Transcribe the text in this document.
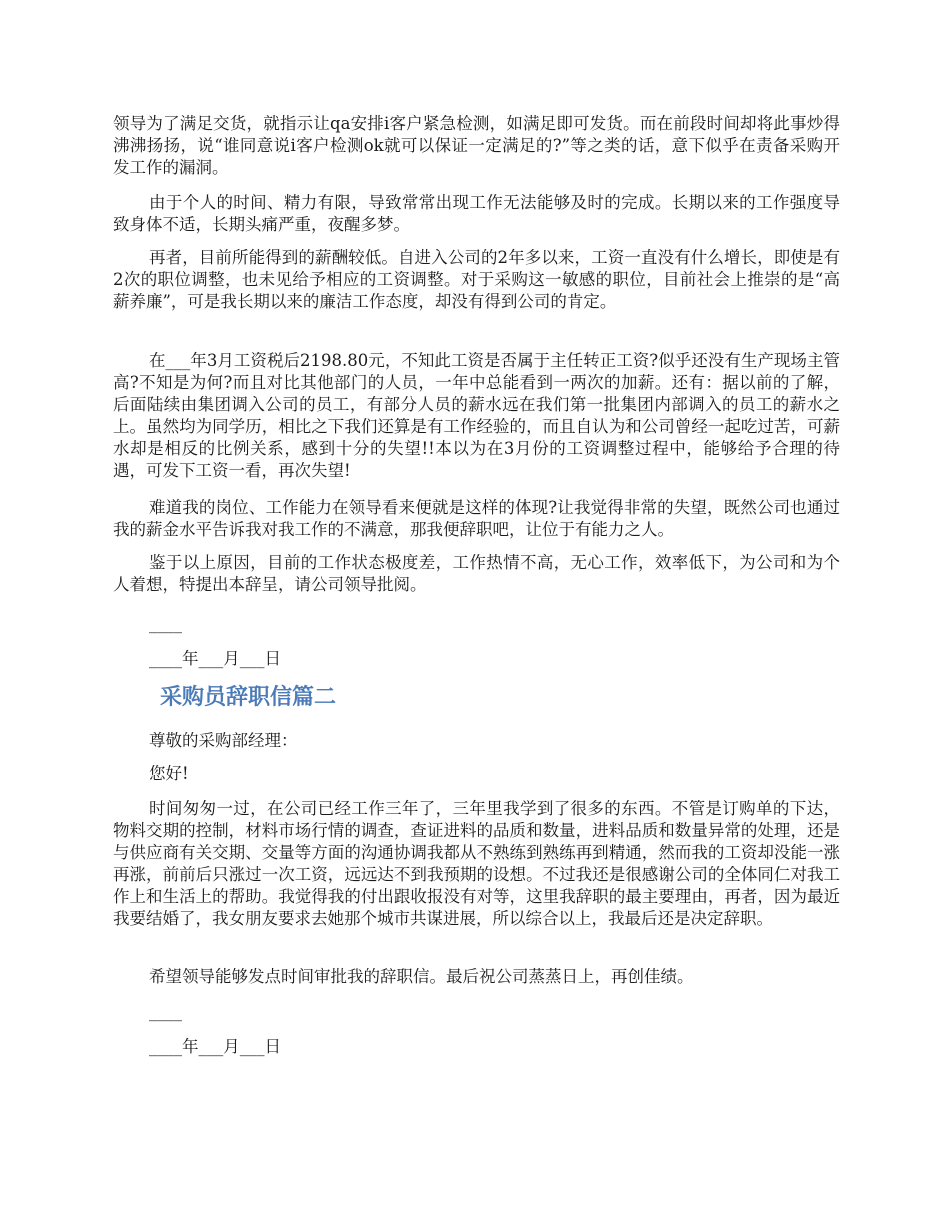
领导为了满足交货，就指示让qa安排i客户紧急检测，如满足即可发货。而在前段时间却将此事炒得沸沸扬扬，说“谁同意说i客户检测ok就可以保证一定满足的?”等之类的话，意下似乎在责备采购开发工作的漏洞。

由于个人的时间、精力有限，导致常常出现工作无法能够及时的完成。长期以来的工作强度导致身体不适，长期头痛严重，夜醒多梦。

再者，目前所能得到的薪酬较低。自进入公司的2年多以来，工资一直没有什么增长，即使是有2次的职位调整，也未见给予相应的工资调整。对于采购这一敏感的职位，目前社会上推崇的是“高薪养廉”，可是我长期以来的廉洁工作态度，却没有得到公司的肯定。

在___年3月工资税后2198.80元，不知此工资是否属于主任转正工资?似乎还没有生产现场主管高?不知是为何?而且对比其他部门的人员，一年中总能看到一两次的加薪。还有：据以前的了解，后面陆续由集团调入公司的员工，有部分人员的薪水远在我们第一批集团内部调入的员工的薪水之上。虽然均为同学历，相比之下我们还算是有工作经验的，而且自认为和公司曾经一起吃过苦，可薪水却是相反的比例关系，感到十分的失望!!本以为在3月份的工资调整过程中，能够给予合理的待遇，可发下工资一看，再次失望!

难道我的岗位、工作能力在领导看来便就是这样的体现?让我觉得非常的失望，既然公司也通过我的薪金水平告诉我对我工作的不满意，那我便辞职吧，让位于有能力之人。

鉴于以上原因，目前的工作状态极度差，工作热情不高，无心工作，效率低下，为公司和为个人着想，特提出本辞呈，请公司领导批阅。

____

____年___月___日

采购员辞职信篇二

尊敬的采购部经理：

您好!

时间匆匆一过，在公司已经工作三年了，三年里我学到了很多的东西。不管是订购单的下达，物料交期的控制，材料市场行情的调查，查证进料的品质和数量，进料品质和数量异常的处理，还是与供应商有关交期、交量等方面的沟通协调我都从不熟练到熟练再到精通，然而我的工资却没能一涨再涨，前前后只涨过一次工资，远远达不到我预期的设想。不过我还是很感谢公司的全体同仁对我工作上和生活上的帮助。我觉得我的付出跟收报没有对等，这里我辞职的最主要理由，再者，因为最近我要结婚了，我女朋友要求去她那个城市共谋进展，所以综合以上，我最后还是决定辞职。

希望领导能够发点时间审批我的辞职信。最后祝公司蒸蒸日上，再创佳绩。

____

____年___月___日
